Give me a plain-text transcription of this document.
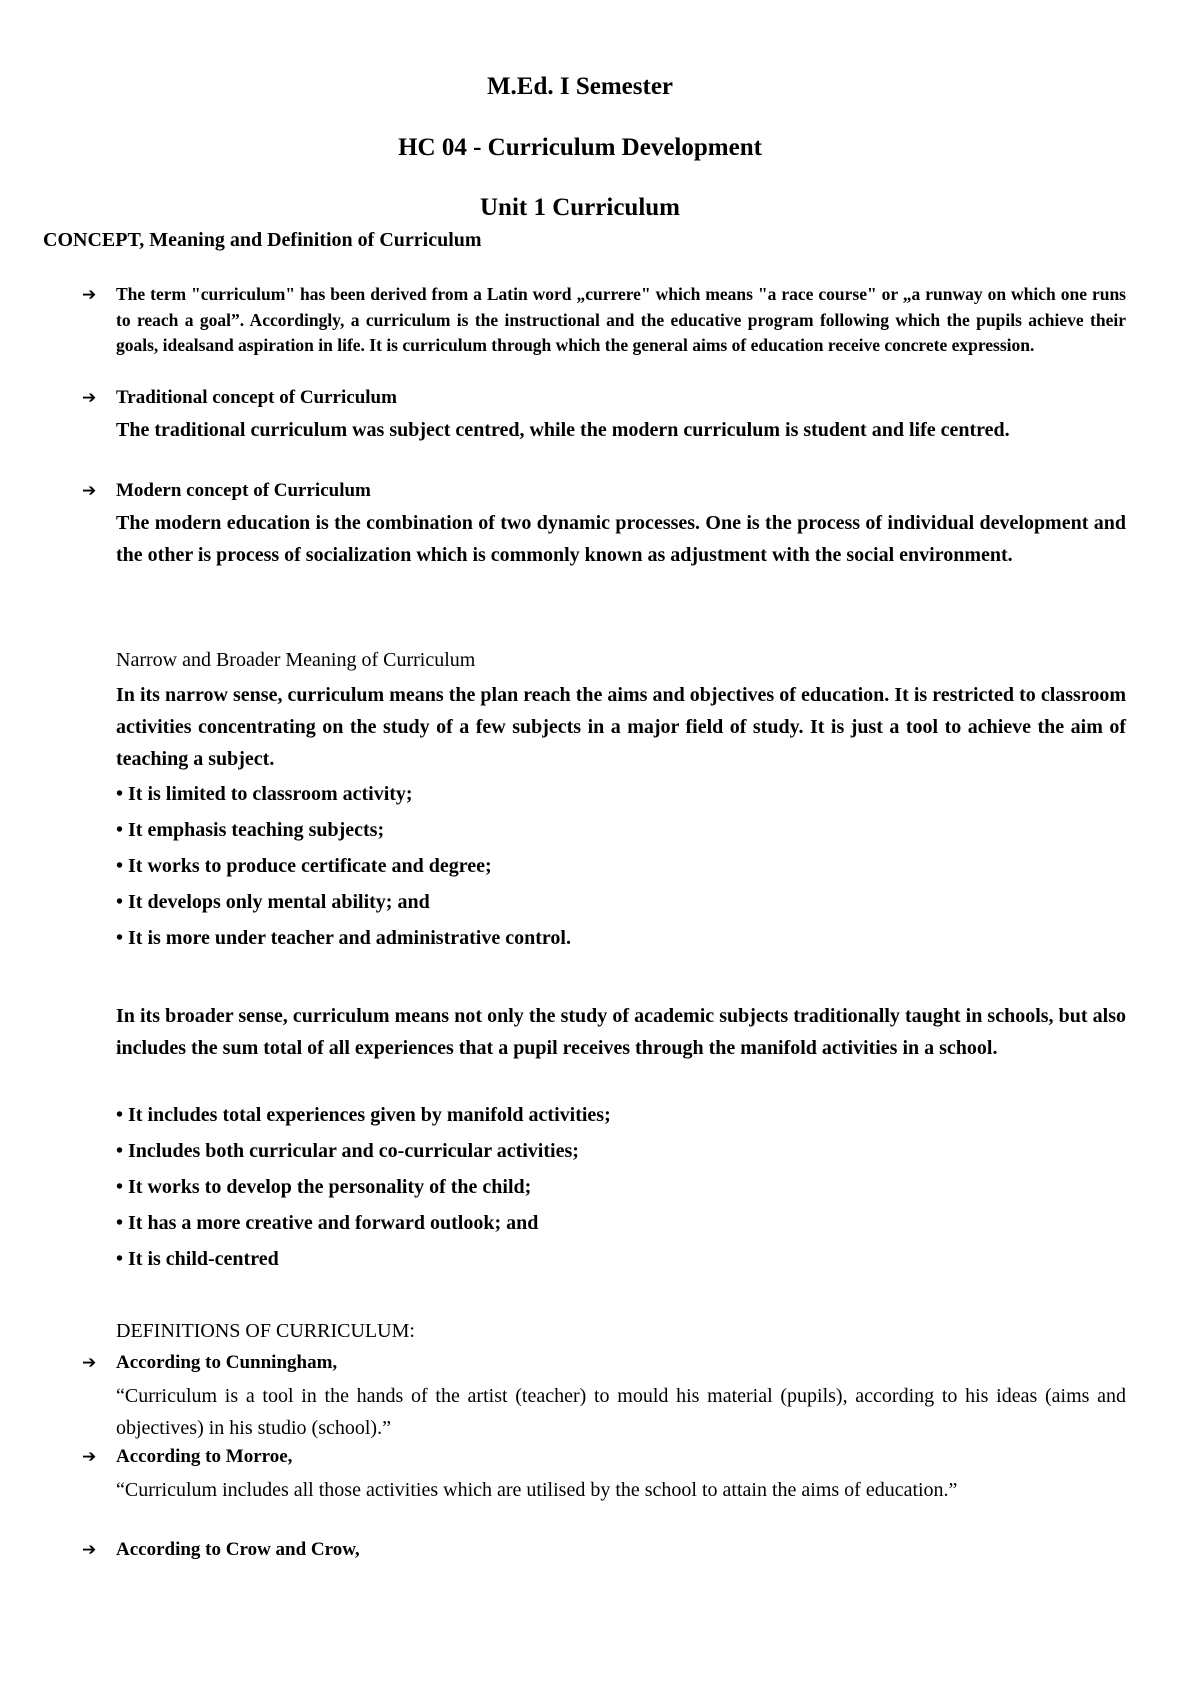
M.Ed. I Semester
HC 04 - Curriculum Development
Unit 1 Curriculum
CONCEPT, Meaning and Definition of Curriculum
➔ The term "curriculum" has been derived from a Latin word „currere" which means "a race course" or „a runway on which one runs to reach a goal”. Accordingly, a curriculum is the instructional and the educative program following which the pupils achieve their goals, idealsand aspiration in life. It is curriculum through which the general aims of education receive concrete expression.
➔ Traditional concept of Curriculum
The traditional curriculum was subject centred, while the modern curriculum is student and life centred.
➔ Modern concept of Curriculum
The modern education is the combination of two dynamic processes. One is the process of individual development and the other is process of socialization which is commonly known as adjustment with the social environment.
Narrow and Broader Meaning of Curriculum
In its narrow sense, curriculum means the plan reach the aims and objectives of education. It is restricted to classroom activities concentrating on the study of a few subjects in a major field of study. It is just a tool to achieve the aim of teaching a subject.
• It is limited to classroom activity;
• It emphasis teaching subjects;
• It works to produce certificate and degree;
• It develops only mental ability; and
• It is more under teacher and administrative control.
In its broader sense, curriculum means not only the study of academic subjects traditionally taught in schools, but also includes the sum total of all experiences that a pupil receives through the manifold activities in a school.
• It includes total experiences given by manifold activities;
• Includes both curricular and co-curricular activities;
• It works to develop the personality of the child;
• It has a more creative and forward outlook; and
• It is child-centred
DEFINITIONS OF CURRICULUM:
➔ According to Cunningham,
“Curriculum is a tool in the hands of the artist (teacher) to mould his material (pupils), according to his ideas (aims and objectives) in his studio (school).”
➔ According to Morroe,
“Curriculum includes all those activities which are utilised by the school to attain the aims of education.”
➔ According to Crow and Crow,
